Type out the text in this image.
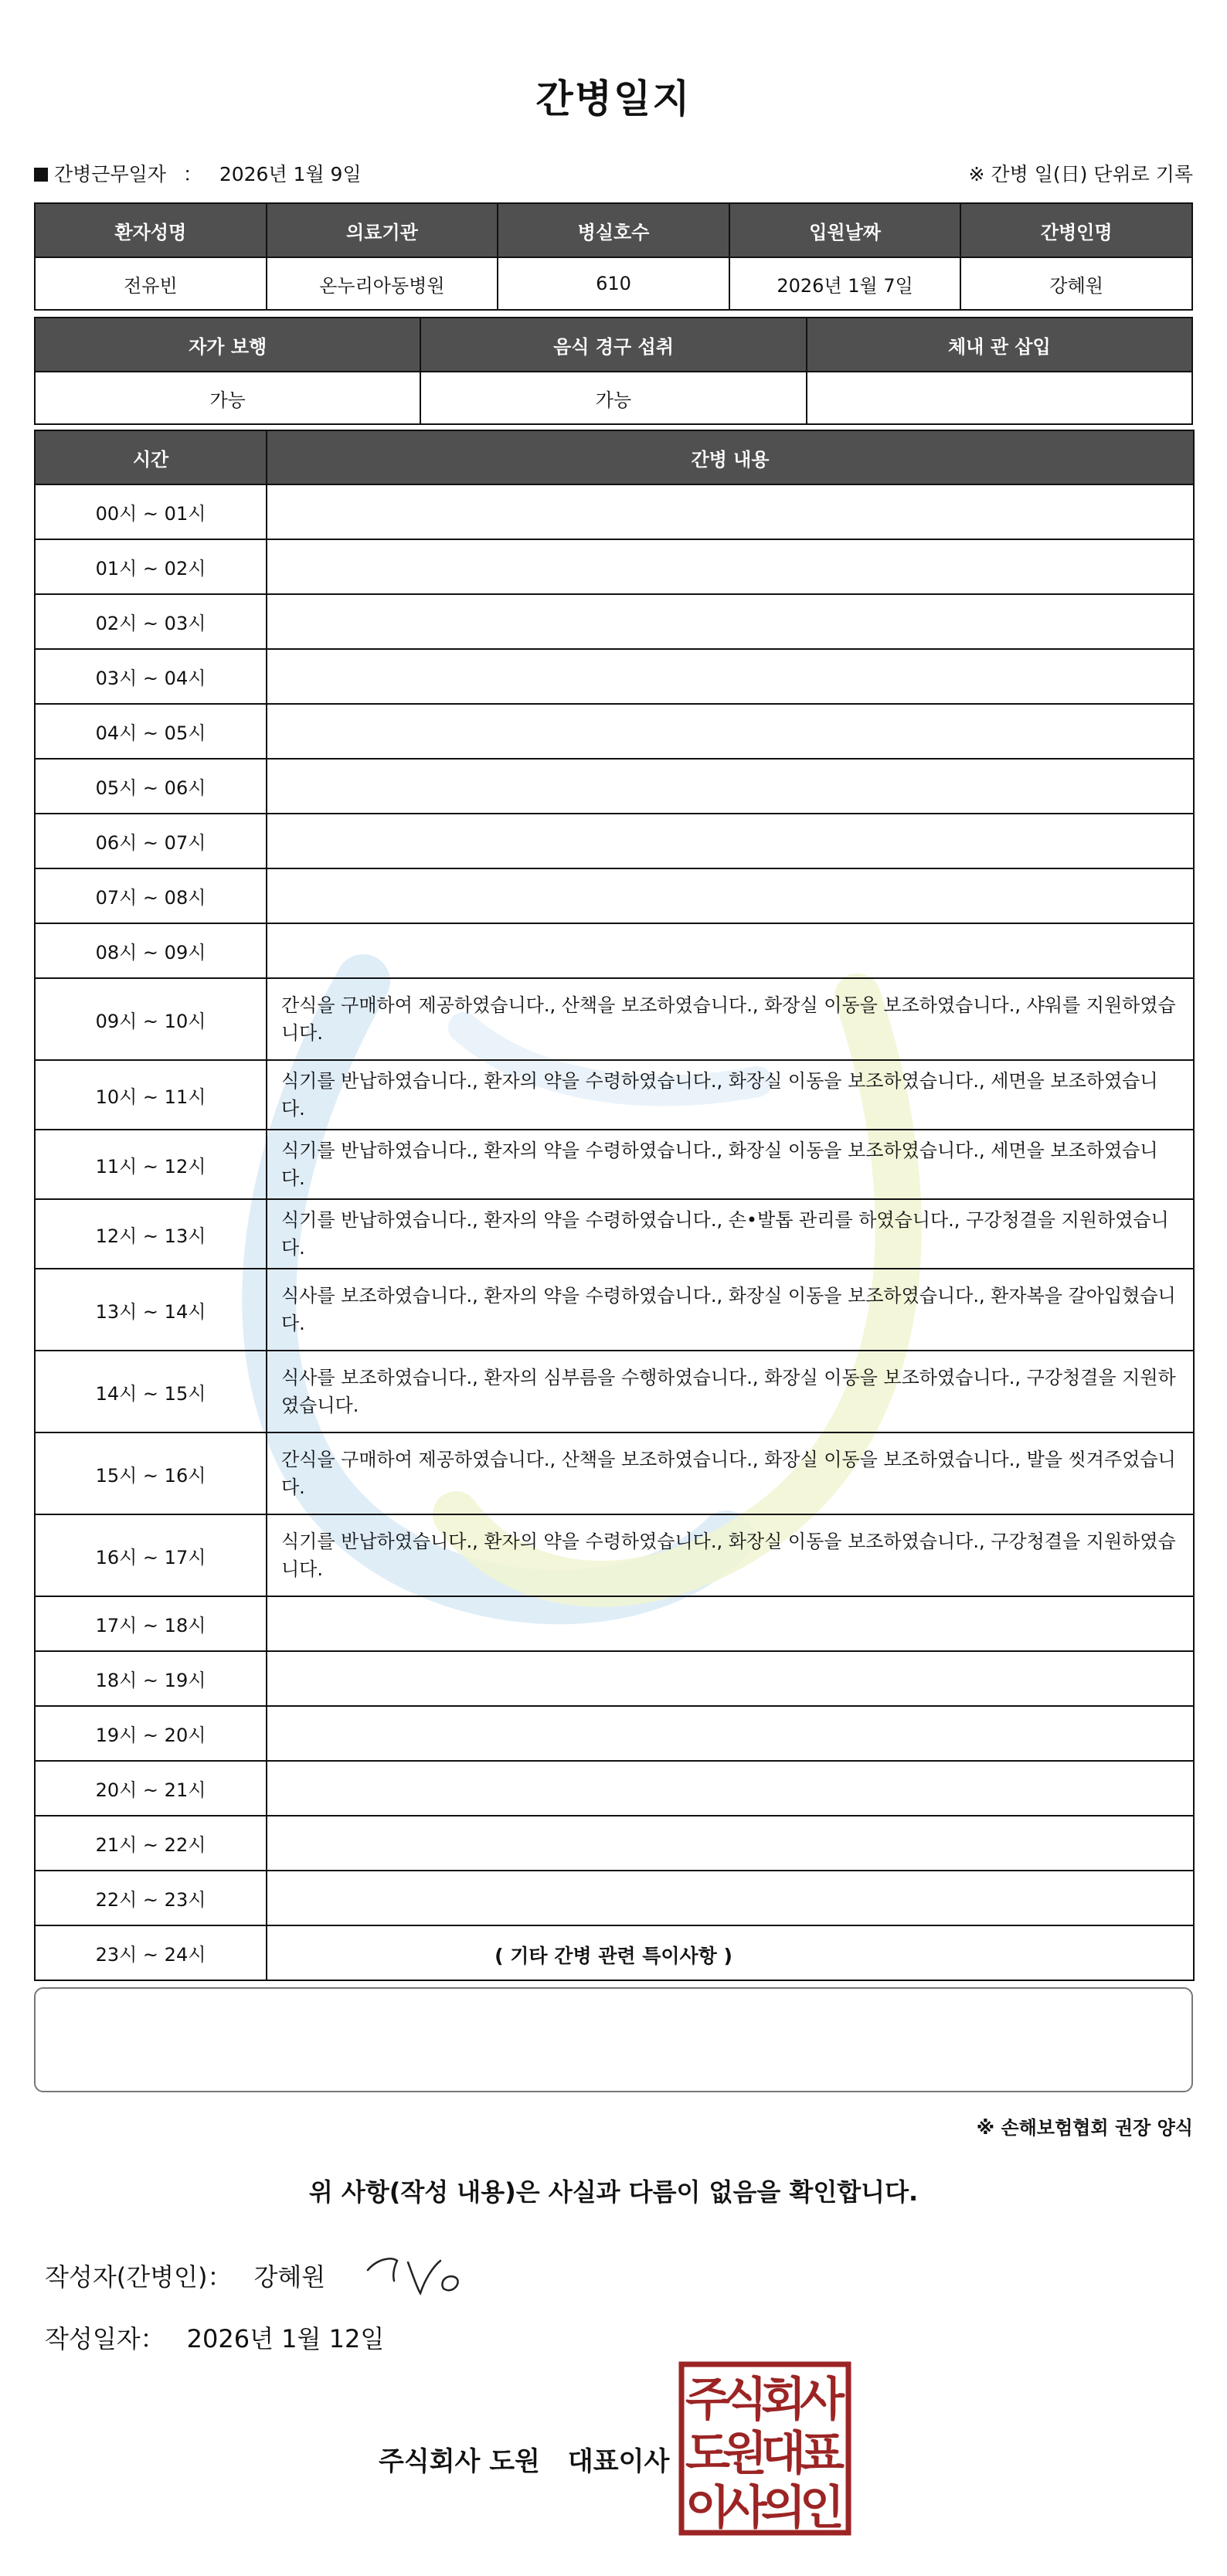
간병일지
간병근무일자 ： 2026년 1월 9일	※ 간병 일(日) 단위로 기록
환자성명	의료기관	병실호수	입원날짜	간병인명
전유빈	온누리아동병원	610	2026년 1월 7일	강혜원
자가 보행	음식 경구 섭취	체내 관 삽입
가능	가능	
시간	간병 내용
00시 ~ 01시	
01시 ~ 02시	
02시 ~ 03시	
03시 ~ 04시	
04시 ~ 05시	
05시 ~ 06시	
06시 ~ 07시	
07시 ~ 08시	
08시 ~ 09시	
09시 ~ 10시	간식을 구매하여 제공하였습니다., 산책을 보조하였습니다., 화장실 이동을 보조하였습니다., 샤워를 지원하였습니다.
10시 ~ 11시	식기를 반납하였습니다., 환자의 약을 수령하였습니다., 화장실 이동을 보조하였습니다., 세면을 보조하였습니다.
11시 ~ 12시	식기를 반납하였습니다., 환자의 약을 수령하였습니다., 화장실 이동을 보조하였습니다., 세면을 보조하였습니다.
12시 ~ 13시	식기를 반납하였습니다., 환자의 약을 수령하였습니다., 손•발톱 관리를 하였습니다., 구강청결을 지원하였습니다.
13시 ~ 14시	식사를 보조하였습니다., 환자의 약을 수령하였습니다., 화장실 이동을 보조하였습니다., 환자복을 갈아입혔습니다.
14시 ~ 15시	식사를 보조하였습니다., 환자의 심부름을 수행하였습니다., 화장실 이동을 보조하였습니다., 구강청결을 지원하였습니다.
15시 ~ 16시	간식을 구매하여 제공하였습니다., 산책을 보조하였습니다., 화장실 이동을 보조하였습니다., 발을 씻겨주었습니다.
16시 ~ 17시	식기를 반납하였습니다., 환자의 약을 수령하였습니다., 화장실 이동을 보조하였습니다., 구강청결을 지원하였습니다.
17시 ~ 18시	
18시 ~ 19시	
19시 ~ 20시	
20시 ~ 21시	
21시 ~ 22시	
22시 ~ 23시	
23시 ~ 24시		( 기타 간병 관련 특이사항 )
※ 손해보험협회 권장 양식
위 사항(작성 내용)은 사실과 다름이 없음을 확인합니다.
작성자(간병인)： 강혜원
작성일자： 2026년 1월 12일
주식회사 도원 대표이사
주
식
회
사
도
원
대
표
이
사
의
인
